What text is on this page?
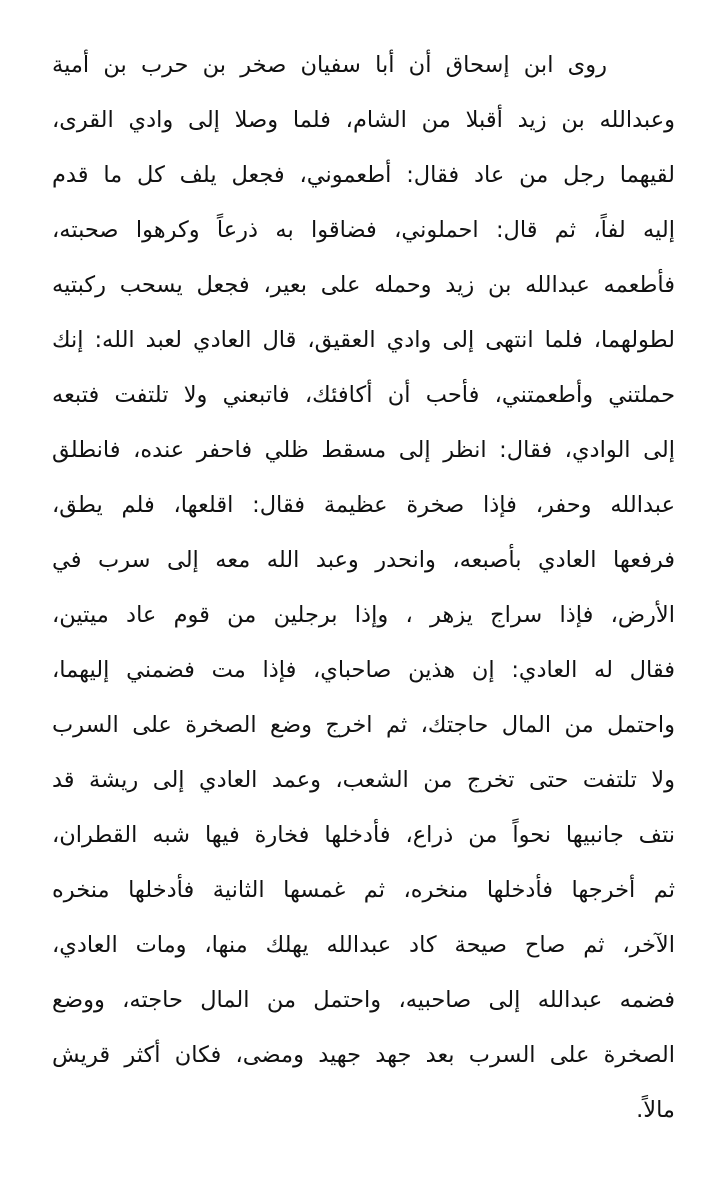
روى ابن إسحاق أن أبا سفيان صخر بن حرب بن أمية
وعبدالله بن زيد أقبلا من الشام، فلما وصلا إلى وادي القرى،
لقيهما رجل من عاد فقال: أطعموني، فجعل يلف كل ما قدم
إليه لفاً، ثم قال: احملوني، فضاقوا به ذرعاً وكرهوا صحبته،
فأطعمه عبدالله بن زيد وحمله على بعير، فجعل يسحب ركبتيه
لطولهما، فلما انتهى إلى وادي العقيق، قال العادي لعبد الله: إنك
حملتني وأطعمتني، فأحب أن أكافئك، فاتبعني ولا تلتفت فتبعه
إلى الوادي، فقال: انظر إلى مسقط ظلي فاحفر عنده، فانطلق
عبدالله وحفر، فإذا صخرة عظيمة فقال: اقلعها، فلم يطق،
فرفعها العادي بأصبعه، وانحدر وعبد الله معه إلى سرب في
الأرض، فإذا سراج يزهر ، وإذا برجلين من قوم عاد ميتين،
فقال له العادي: إن هذين صاحباي، فإذا مت فضمني إليهما،
واحتمل من المال حاجتك، ثم اخرج وضع الصخرة على السرب
ولا تلتفت حتى تخرج من الشعب، وعمد العادي إلى ريشة قد
نتف جانبيها نحواً من ذراع، فأدخلها فخارة فيها شبه القطران،
ثم أخرجها فأدخلها منخره، ثم غمسها الثانية فأدخلها منخره
الآخر، ثم صاح صيحة كاد عبدالله يهلك منها، ومات العادي،
فضمه عبدالله إلى صاحبيه، واحتمل من المال حاجته، ووضع
الصخرة على السرب بعد جهد جهيد ومضى، فكان أكثر قريش
مالاً.
